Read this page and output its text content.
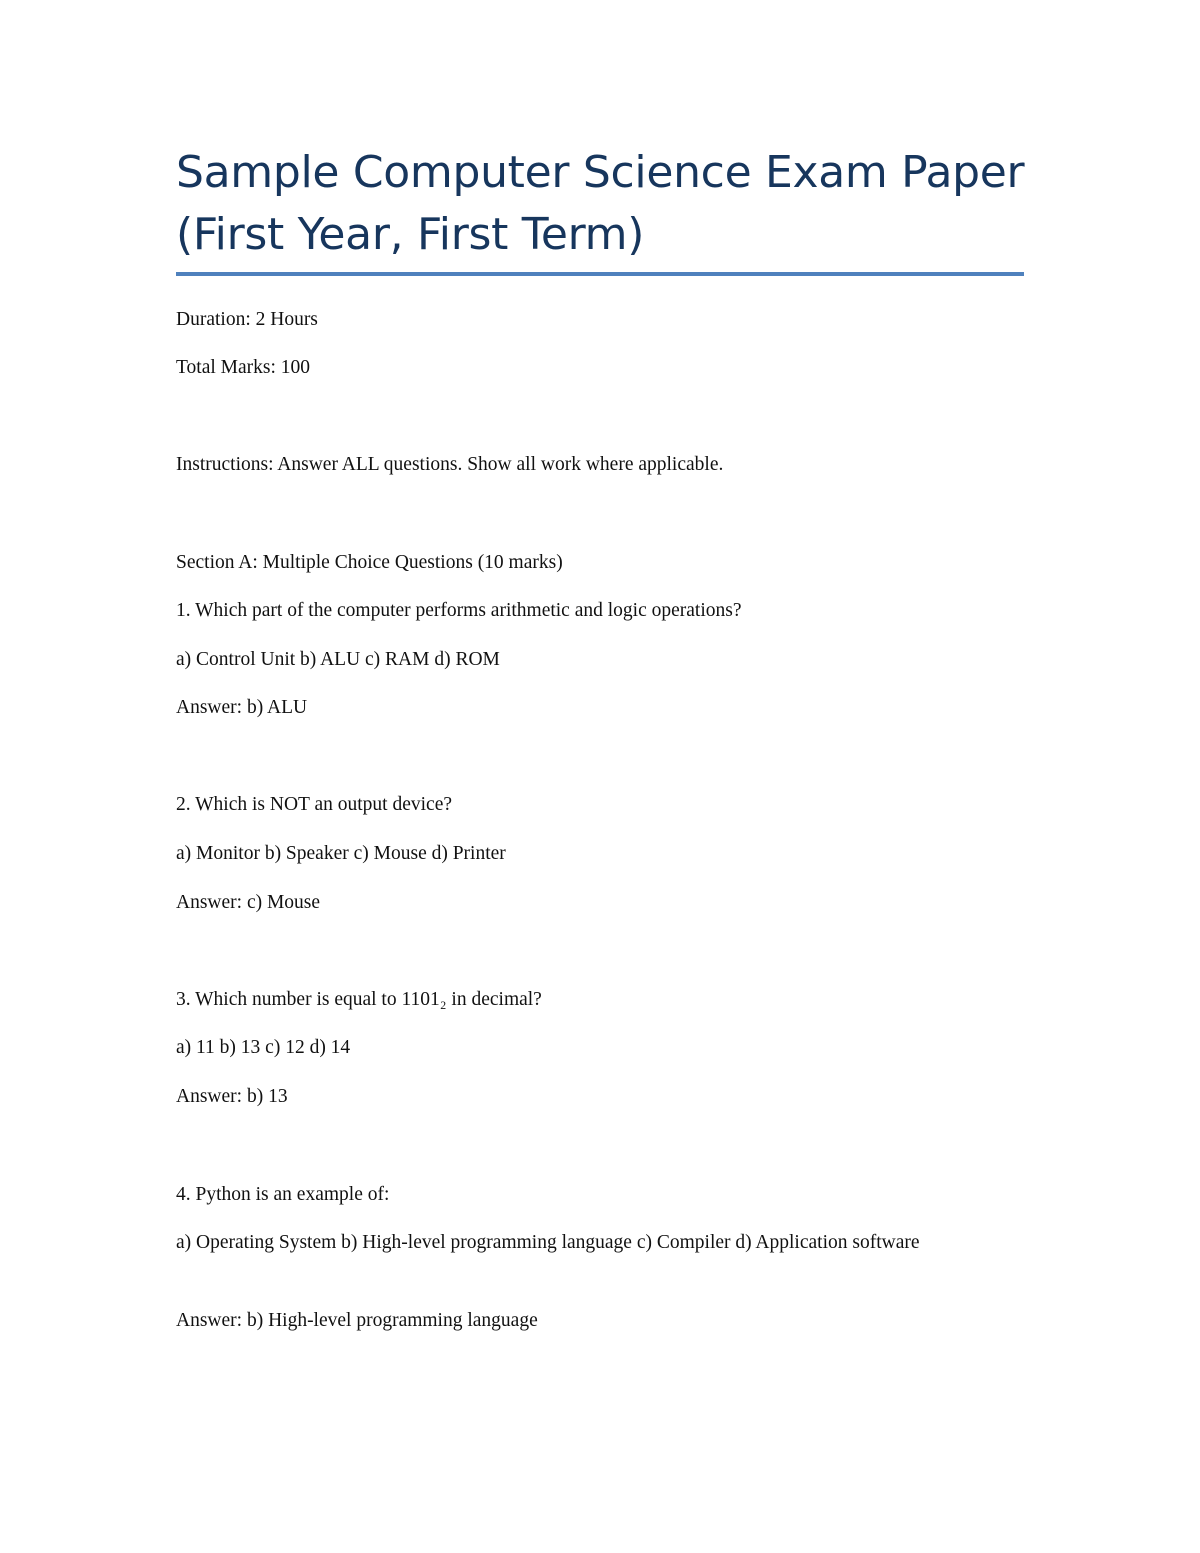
Sample Computer Science Exam Paper (First Year, First Term)

Duration: 2 Hours

Total Marks: 100

Instructions: Answer ALL questions. Show all work where applicable.

Section A: Multiple Choice Questions (10 marks)

1. Which part of the computer performs arithmetic and logic operations?

a) Control Unit b) ALU c) RAM d) ROM

Answer: b) ALU

2. Which is NOT an output device?

a) Monitor b) Speaker c) Mouse d) Printer

Answer: c) Mouse

3. Which number is equal to 1101₂ in decimal?

a) 11 b) 13 c) 12 d) 14

Answer: b) 13

4. Python is an example of:

a) Operating System b) High-level programming language c) Compiler d) Application software

Answer: b) High-level programming language
